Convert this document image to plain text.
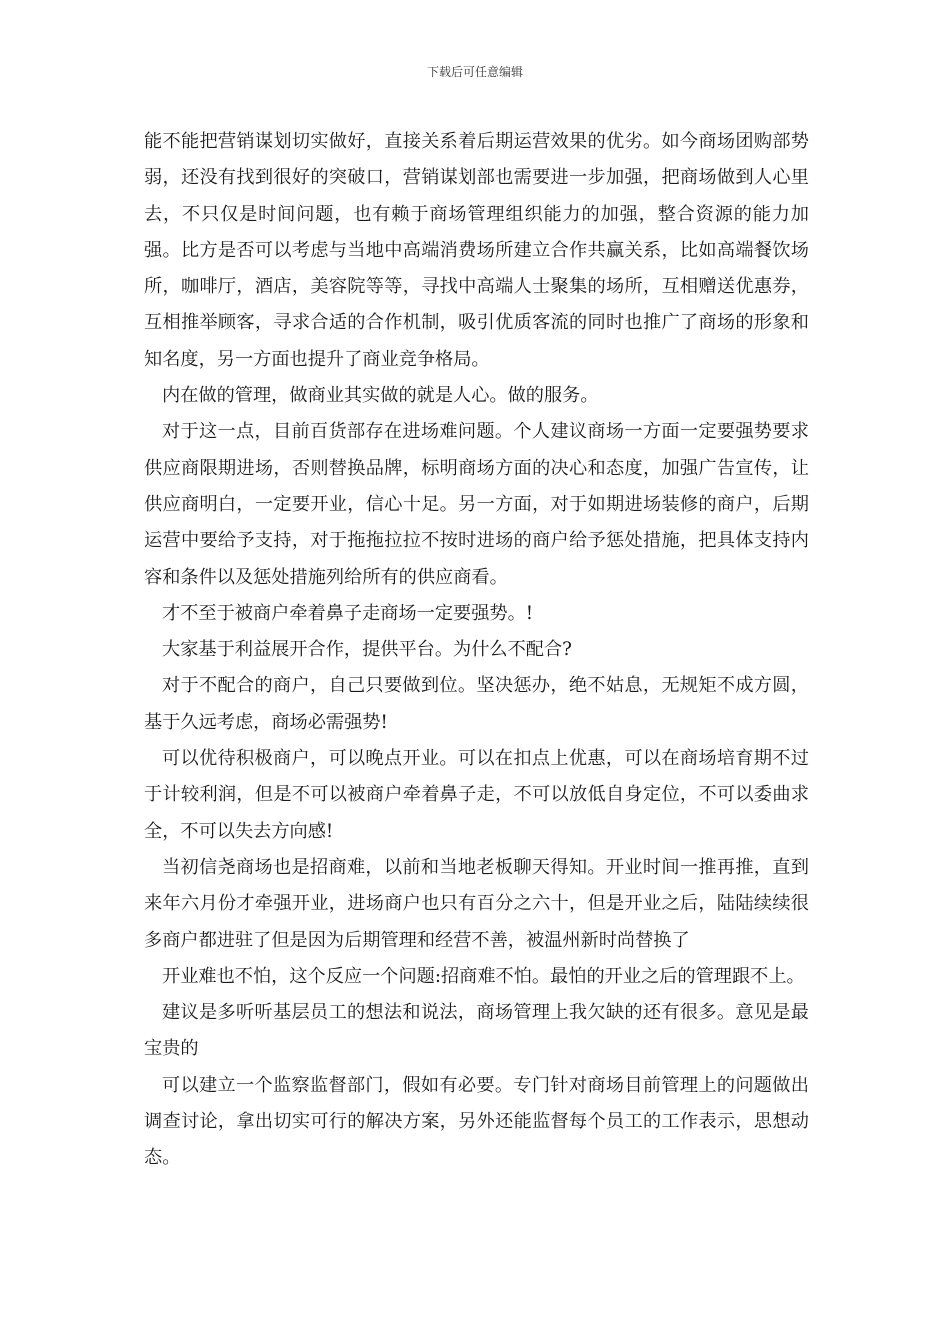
下载后可任意编辑

能不能把营销谋划切实做好，直接关系着后期运营效果的优劣。如今商场团购部势弱，还没有找到很好的突破口，营销谋划部也需要进一步加强，把商场做到人心里去，不只仅是时间问题，也有赖于商场管理组织能力的加强，整合资源的能力加强。比方是否可以考虑与当地中高端消费场所建立合作共赢关系，比如高端餐饮场所，咖啡厅，酒店，美容院等等，寻找中高端人士聚集的场所，互相赠送优惠券，互相推举顾客，寻求合适的合作机制，吸引优质客流的同时也推广了商场的形象和知名度，另一方面也提升了商业竞争格局。

内在做的管理，做商业其实做的就是人心。做的服务。

对于这一点，目前百货部存在进场难问题。个人建议商场一方面一定要强势要求供应商限期进场，否则替换品牌，标明商场方面的决心和态度，加强广告宣传，让供应商明白，一定要开业，信心十足。另一方面，对于如期进场装修的商户，后期运营中要给予支持，对于拖拖拉拉不按时进场的商户给予惩处措施，把具体支持内容和条件以及惩处措施列给所有的供应商看。

才不至于被商户牵着鼻子走商场一定要强势。!

大家基于利益展开合作，提供平台。为什么不配合?

对于不配合的商户，自己只要做到位。坚决惩办，绝不姑息，无规矩不成方圆，基于久远考虑，商场必需强势!

可以优待积极商户，可以晚点开业。可以在扣点上优惠，可以在商场培育期不过于计较利润，但是不可以被商户牵着鼻子走，不可以放低自身定位，不可以委曲求全，不可以失去方向感!

当初信尧商场也是招商难，以前和当地老板聊天得知。开业时间一推再推，直到来年六月份才牵强开业，进场商户也只有百分之六十，但是开业之后，陆陆续续很多商户都进驻了但是因为后期管理和经营不善，被温州新时尚替换了

开业难也不怕，这个反应一个问题:招商难不怕。最怕的开业之后的管理跟不上。

建议是多听听基层员工的想法和说法，商场管理上我欠缺的还有很多。意见是最宝贵的

可以建立一个监察监督部门，假如有必要。专门针对商场目前管理上的问题做出调查讨论，拿出切实可行的解决方案，另外还能监督每个员工的工作表示，思想动态。
